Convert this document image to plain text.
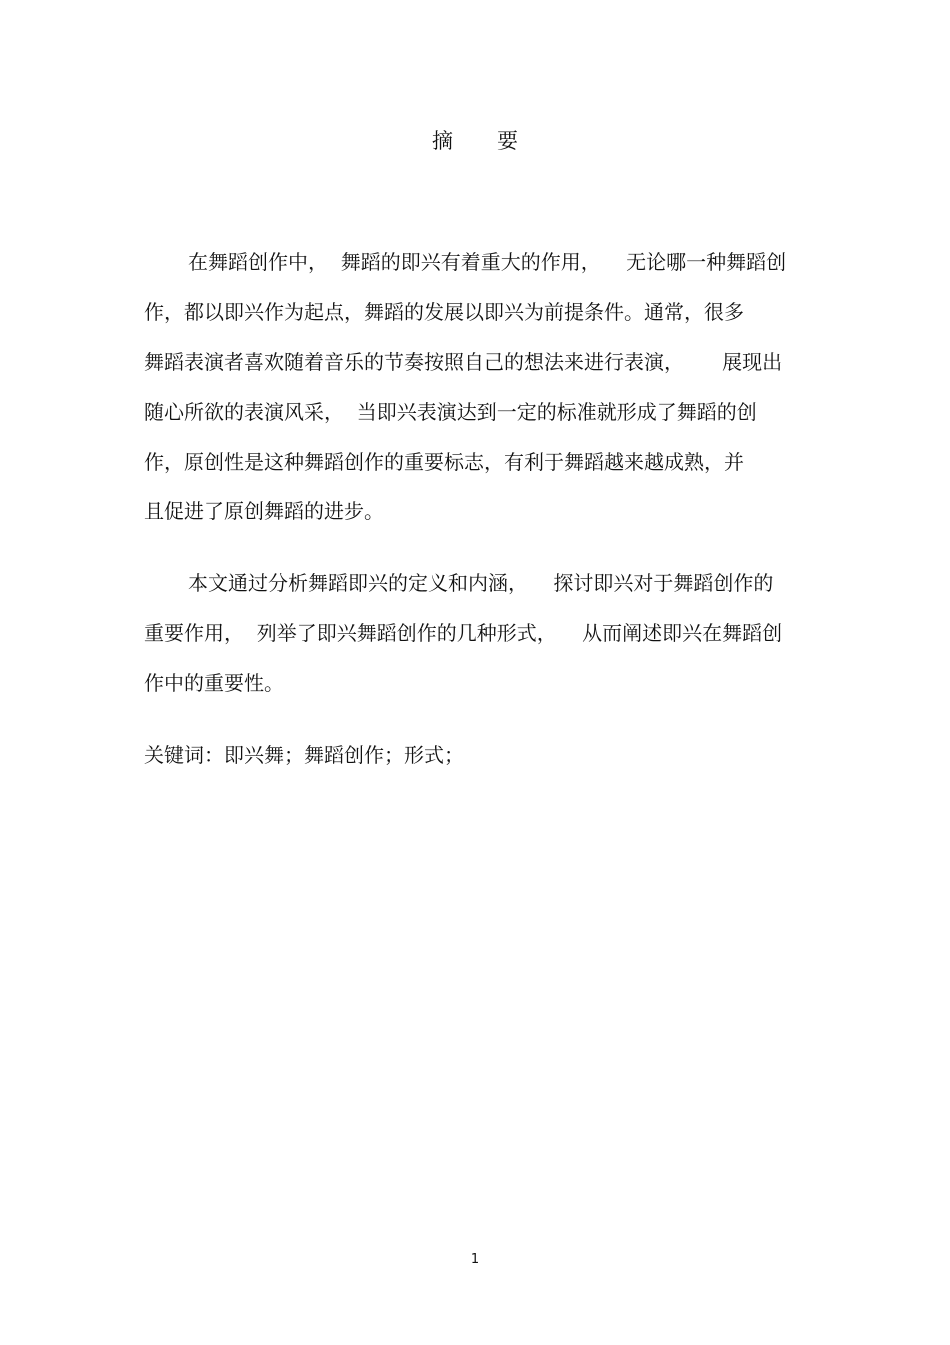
摘要
在舞蹈创作中，  舞蹈的即兴有着重大的作用，    无论哪一种舞蹈创
作，都以即兴作为起点，舞蹈的发展以即兴为前提条件。通常，很多
舞蹈表演者喜欢随着音乐的节奏按照自己的想法来进行表演，      展现出
随心所欲的表演风采，  当即兴表演达到一定的标准就形成了舞蹈的创
作，原创性是这种舞蹈创作的重要标志，有利于舞蹈越来越成熟，并
且促进了原创舞蹈的进步。
本文通过分析舞蹈即兴的定义和内涵，    探讨即兴对于舞蹈创作的
重要作用，  列举了即兴舞蹈创作的几种形式，    从而阐述即兴在舞蹈创
作中的重要性。
关键词：即兴舞；舞蹈创作；形式；
1
